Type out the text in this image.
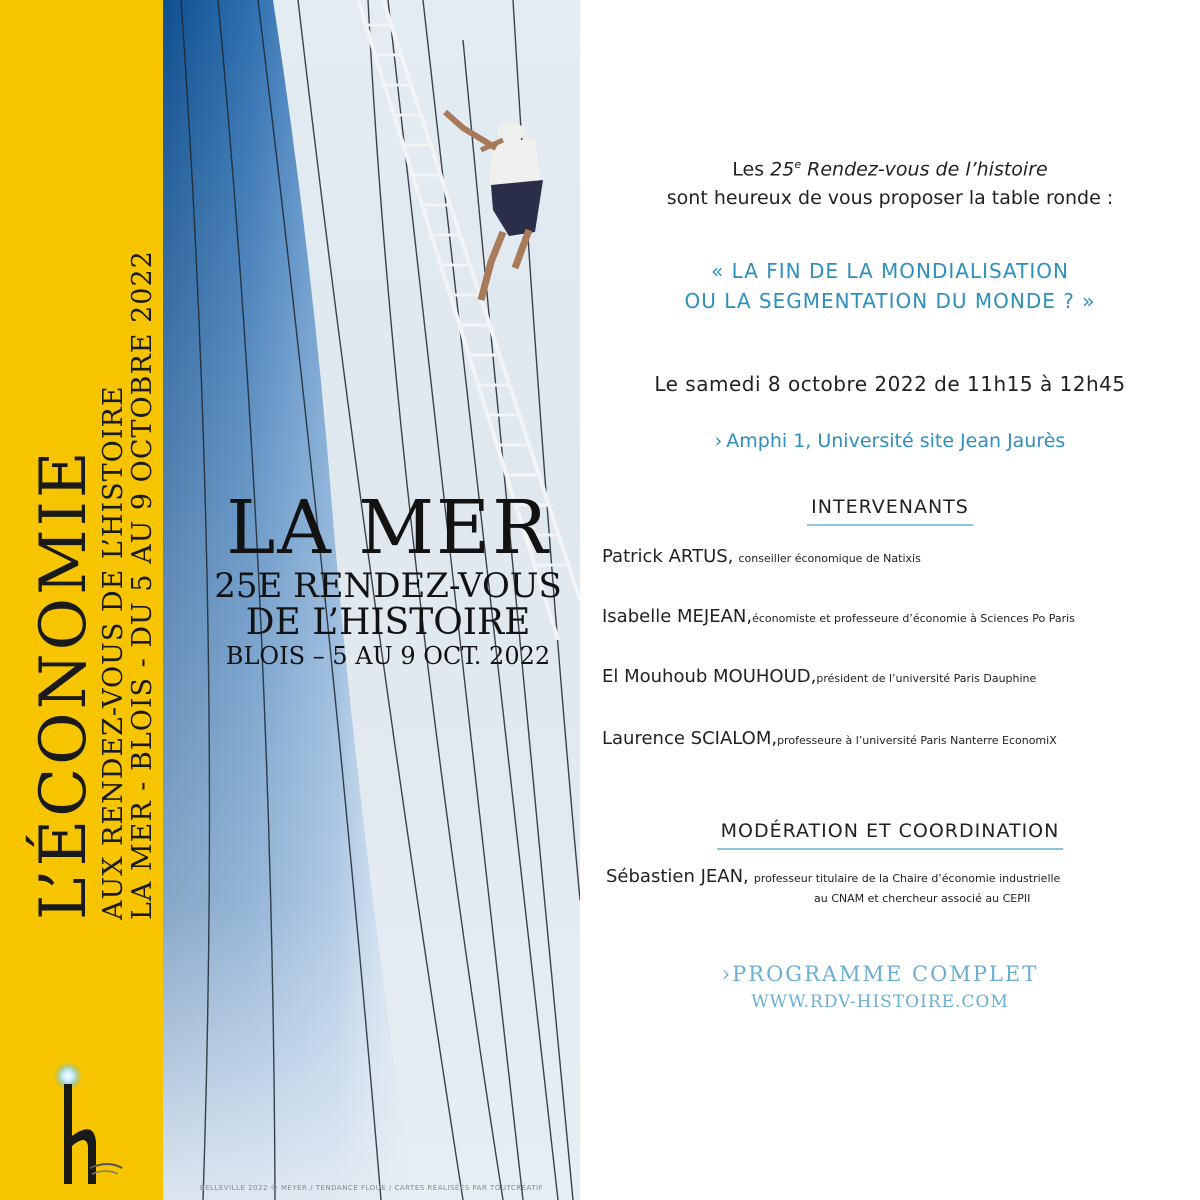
L’ÉCONOMIE
AUX RENDEZ-VOUS DE L’HISTOIRE
LA MER - BLOIS - DU 5 AU 9 OCTOBRE 2022 LA MER
25E RENDEZ-VOUS
DE L’HISTOIRE
BLOIS – 5 AU 9 OCT. 2022
BELLEVILLE 2022 © MEYER / TENDANCE FLOUE / CARTES RÉALISÉES PAR TOUTCRÉATIF
Les 25e Rendez-vous de l’histoire
sont heureux de vous proposer la table ronde :
« LA FIN DE LA MONDIALISATION
OU LA SEGMENTATION DU MONDE ? »
Le samedi 8 octobre 2022 de 11h15 à 12h45
› Amphi 1, Université site Jean Jaurès
INTERVENANTS
Patrick ARTUS, conseiller économique de Natixis
Isabelle MEJEAN,économiste et professeure d’économie à Sciences Po Paris
El Mouhoub MOUHOUD,président de l’université Paris Dauphine
Laurence SCIALOM,professeure à l’université Paris Nanterre EconomiX
MODÉRATION ET COORDINATION
Sébastien JEAN, professeur titulaire de la Chaire d’économie industrielle
au CNAM et chercheur associé au CEPII
›PROGRAMME COMPLET
WWW.RDV-HISTOIRE.COM
